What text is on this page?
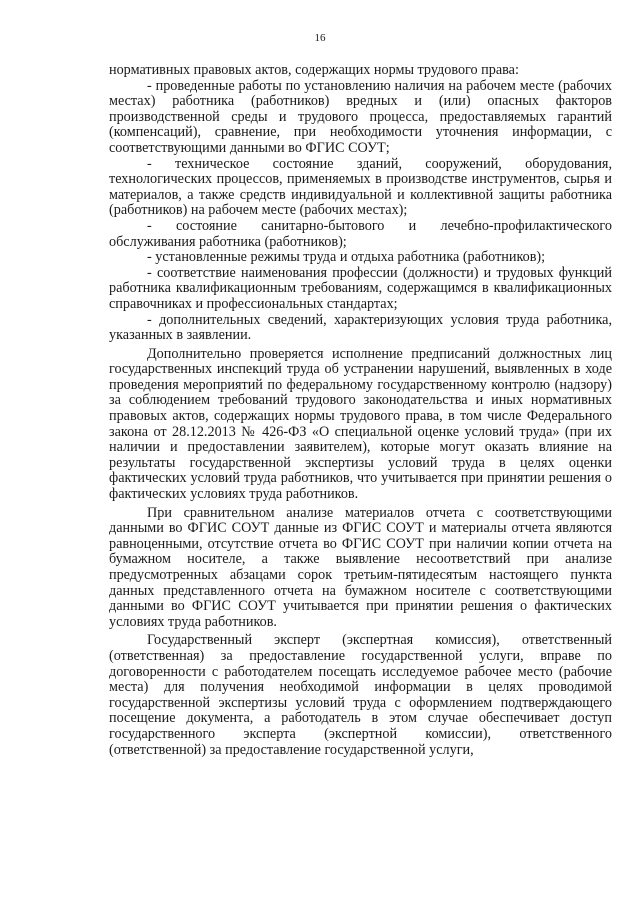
16

нормативных правовых актов, содержащих нормы трудового права:

- проведенные работы по установлению наличия на рабочем месте (рабочих местах) работника (работников) вредных и (или) опасных факторов производственной среды и трудового процесса, предоставляемых гарантий (компенсаций), сравнение, при необходимости уточнения информации, с соответствующими данными во ФГИС СОУТ;

- техническое состояние зданий, сооружений, оборудования, технологических процессов, применяемых в производстве инструментов, сырья и материалов, а также средств индивидуальной и коллективной защиты работника (работников) на рабочем месте (рабочих местах);

- состояние санитарно-бытового и лечебно-профилактического обслуживания работника (работников);

- установленные режимы труда и отдыха работника (работников);

- соответствие наименования профессии (должности) и трудовых функций работника квалификационным требованиям, содержащимся в квалификационных справочниках и профессиональных стандартах;

- дополнительных сведений, характеризующих условия труда работника, указанных в заявлении.

Дополнительно проверяется исполнение предписаний должностных лиц государственных инспекций труда об устранении нарушений, выявленных в ходе проведения мероприятий по федеральному государственному контролю (надзору) за соблюдением требований трудового законодательства и иных нормативных правовых актов, содержащих нормы трудового права, в том числе Федерального закона от 28.12.2013 № 426-ФЗ «О специальной оценке условий труда» (при их наличии и предоставлении заявителем), которые могут оказать влияние на результаты государственной экспертизы условий труда в целях оценки фактических условий труда работников, что учитывается при принятии решения о фактических условиях труда работников.

При сравнительном анализе материалов отчета с соответствующими данными во ФГИС СОУТ данные из ФГИС СОУТ и материалы отчета являются равноценными, отсутствие отчета во ФГИС СОУТ при наличии копии отчета на бумажном носителе, а также выявление несоответствий при анализе предусмотренных абзацами сорок третьим-пятидесятым настоящего пункта данных представленного отчета на бумажном носителе с соответствующими данными во ФГИС СОУТ учитывается при принятии решения о фактических условиях труда работников.

Государственный эксперт (экспертная комиссия), ответственный (ответственная) за предоставление государственной услуги, вправе по договоренности с работодателем посещать исследуемое рабочее место (рабочие места) для получения необходимой информации в целях проводимой государственной экспертизы условий труда с оформлением подтверждающего посещение документа, а работодатель в этом случае обеспечивает доступ государственного эксперта (экспертной комиссии), ответственного (ответственной) за предоставление государственной услуги,
